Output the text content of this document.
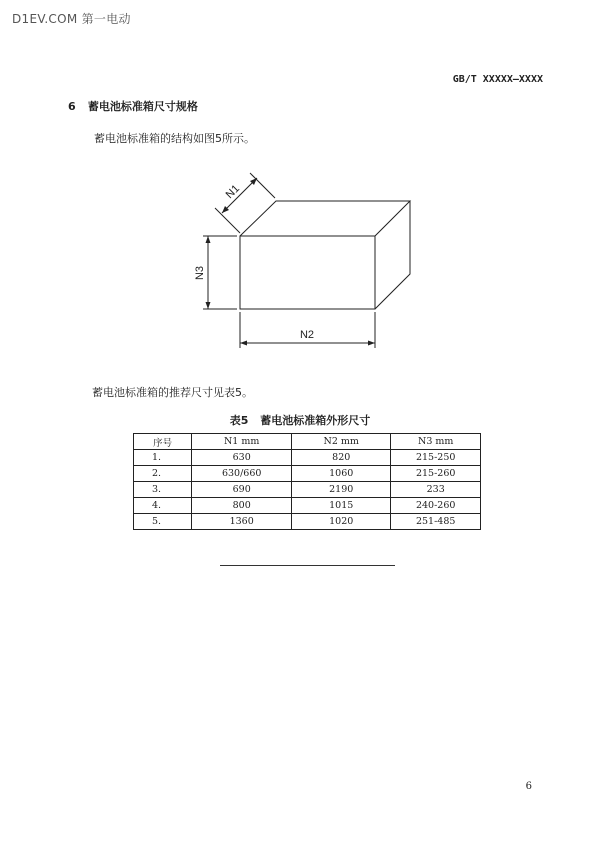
D1EV.COM 第一电动
GB/T XXXXX—XXXX
6 蓄电池标准箱尺寸规格
蓄电池标准箱的结构如图5所示。
N1
N3
N2
蓄电池标准箱的推荐尺寸见表5。
表5 蓄电池标准箱外形尺寸
序号	N1 mm	N2 mm	N3 mm
1.	630	820	215-250
2.	630/660	1060	215-260
3.	690	2190	233
4.	800	1015	240-260
5.	1360	1020	251-485
6
